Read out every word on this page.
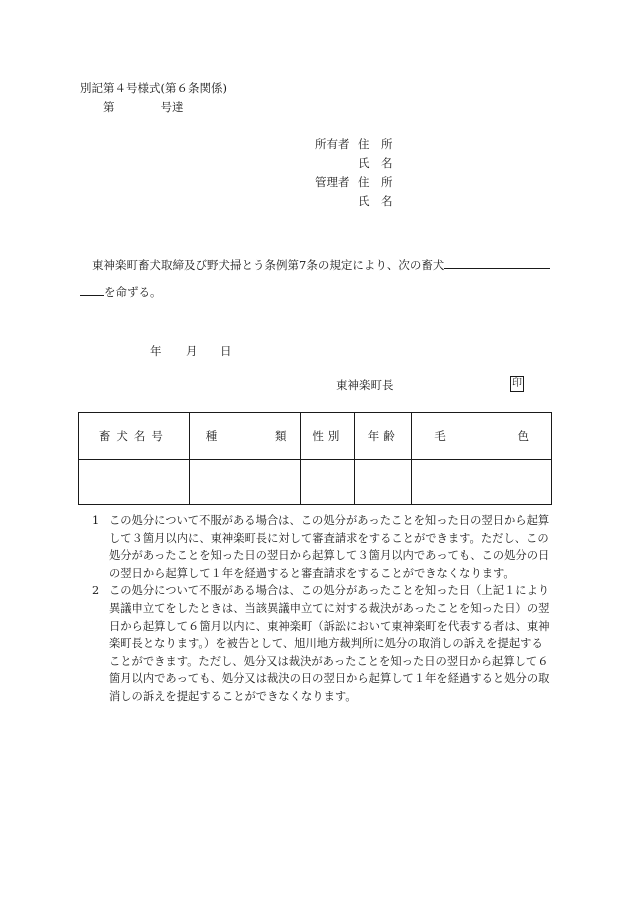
別記第４号様式(第６条関係)
第	号達
所有者 住　所
氏　名
管理者 住　所
氏　名
東神楽町畜犬取締及び野犬掃とう条例第7条の規定により、次の畜犬
を命ずる。
年 月 日
東神楽町長	印
畜犬名号	種 類	性別	年齢	毛 色

1 この処分について不服がある場合は、この処分があったことを知った日の翌日から起算して３箇月以内に、東神楽町長に対して審査請求をすることができます。ただし、この処分があったことを知った日の翌日から起算して３箇月以内であっても、この処分の日の翌日から起算して１年を経過すると審査請求をすることができなくなります。

2 この処分について不服がある場合は、この処分があったことを知った日（上記１により異議申立てをしたときは、当該異議申立てに対する裁決があったことを知った日）の翌日から起算して６箇月以内に、東神楽町（訴訟において東神楽町を代表する者は、東神楽町長となります。）を被告として、旭川地方裁判所に処分の取消しの訴えを提起することができます。ただし、処分又は裁決があったことを知った日の翌日から起算して６箇月以内であっても、処分又は裁決の日の翌日から起算して１年を経過すると処分の取消しの訴えを提起することができなくなります。
